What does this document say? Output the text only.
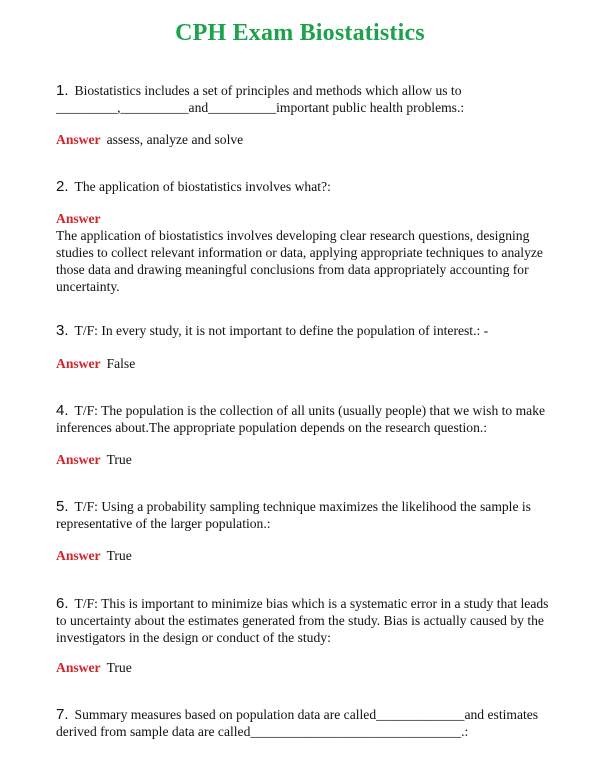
CPH Exam Biostatistics
1. Biostatistics includes a set of principles and methods which allow us to _________,__________and__________important public health problems.:
Answer assess, analyze and solve
2. The application of biostatistics involves what?:
Answer
The application of biostatistics involves developing clear research questions, designing studies to collect relevant information or data, applying appropriate techniques to analyze those data and drawing meaningful conclusions from data appropriately accounting for uncertainty.
3. T/F: In every study, it is not important to define the population of interest.: -
Answer False
4. T/F: The population is the collection of all units (usually people) that we wish to make inferences about.The appropriate population depends on the research question.:
Answer True
5. T/F: Using a probability sampling technique maximizes the likelihood the sample is representative of the larger population.:
Answer True
6. T/F: This is important to minimize bias which is a systematic error in a study that leads to uncertainty about the estimates generated from the study. Bias is actually caused by the investigators in the design or conduct of the study:
Answer True
7. Summary measures based on population data are called_____________and estimates derived from sample data are called_______________________________.:
